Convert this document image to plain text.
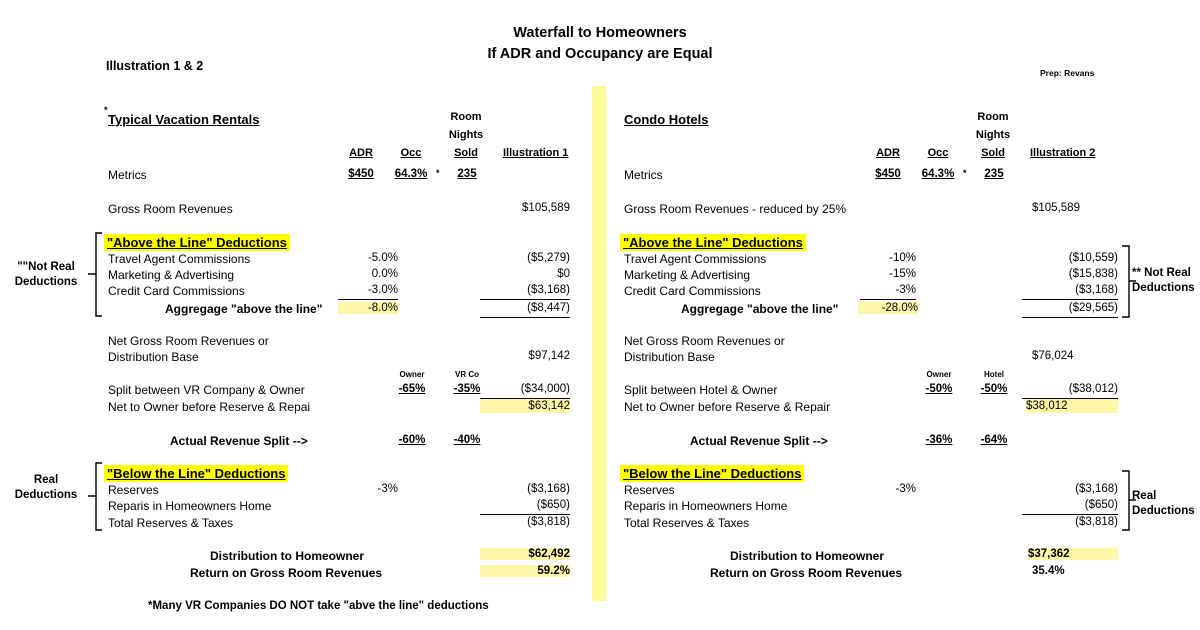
Waterfall to Homeowners
If ADR and Occupancy are Equal
Illustration 1 & 2	Prep: Revans
*
Typical Vacation Rentals	Room
Nights
Sold
ADR	Occ	Illustration 1
Metrics	$450	64.3% *	235
Gross Room Revenues	$105,589
"Above the Line" Deductions
Travel Agent Commissions	-5.0%	($5,279)
Marketing & Advertising	0.0%	$0
Credit Card Commissions	-3.0%	($3,168)
Aggregage "above the line"	-8.0%	($8,447)
Net Gross Room Revenues or
Distribution Base	$97,142
Owner	VR Co
Split between VR Company & Owner	-65%	-35%	($34,000)
Net to Owner before Reserve & Repai	$63,142
Actual Revenue Split -->	-60%	-40%
"Below the Line" Deductions
Reserves	-3%	($3,168)
Reparis in Homeowners Home	($650)
Total Reserves & Taxes	($3,818)
Distribution to Homeowner	$62,492
Return on Gross Room Revenues	59.2%
*Many VR Companies DO NOT take "abve the line" deductions
""Not Real
Deductions
Real
Deductions
Condo Hotels	Room
Nights
Sold
ADR	Occ	Illustration 2
Metrics	$450	64.3% *	235
Gross Room Revenues - reduced by 25%	$105,589
"Above the Line" Deductions
Travel Agent Commissions	-10%	($10,559)
Marketing & Advertising	-15%	($15,838)
Credit Card Commissions	-3%	($3,168)
Aggregage "above the line"	-28.0%	($29,565)
Net Gross Room Revenues or
Distribution Base	$76,024
Owner	Hotel
Split between Hotel & Owner	-50%	-50%	($38,012)
Net to Owner before Reserve & Repair	$38,012
Actual Revenue Split -->	-36%	-64%
"Below the Line" Deductions
Reserves	-3%	($3,168)
Reparis in Homeowners Home	($650)
Total Reserves & Taxes	($3,818)
Distribution to Homeowner	$37,362
Return on Gross Room Revenues	35.4%
** Not Real
Deductions
Real
Deductions
